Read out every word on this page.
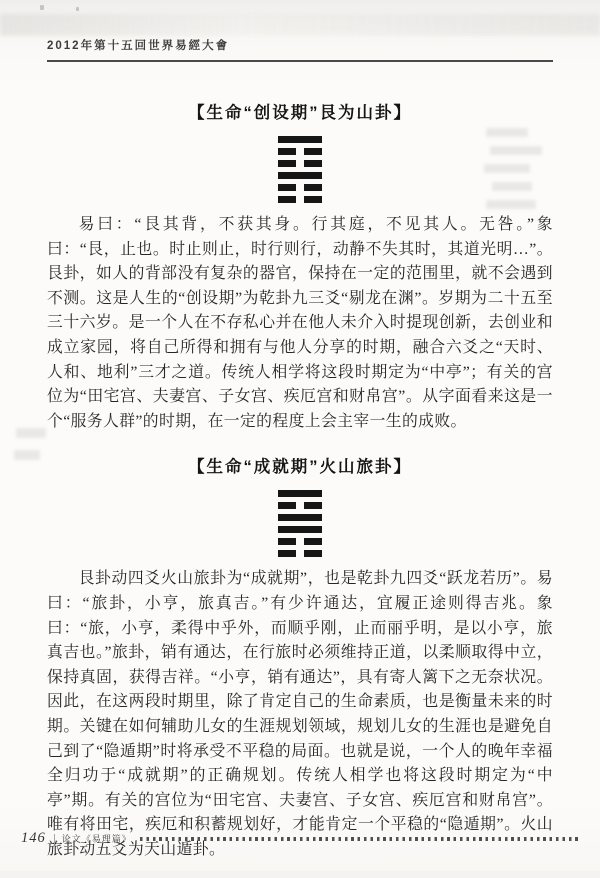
2012年第十五回世界易經大會
【生命“创设期”艮为山卦】

易曰：“艮其背，不获其身。行其庭，不见其人。无咎。”象曰：“艮，止也。时止则止，时行则行，动静不失其时，其道光明…”。艮卦，如人的背部没有复杂的器官，保持在一定的范围里，就不会遇到不测。这是人生的“创设期”为乾卦九三爻“剔龙在渊”。岁期为二十五至三十六岁。是一个人在不存私心并在他人未介入时提现创新，去创业和成立家园，将自己所得和拥有与他人分享的时期，融合六爻之“天时、人和、地利”三才之道。传统人相学将这段时期定为“中亭”；有关的宫位为“田宅宫、夫妻宫、子女宫、疾厄宫和财帛宫”。从字面看来这是一个“服务人群”的时期，在一定的程度上会主宰一生的成败。

【生命“成就期”火山旅卦】

艮卦动四爻火山旅卦为“成就期”，也是乾卦九四爻“跃龙若历”。易曰：“旅卦，小亨，旅真吉。”有少许通达，宜履正途则得吉兆。象曰：“旅，小亨，柔得中乎外，而顺乎刚，止而丽乎明，是以小亨，旅真吉也。”旅卦，销有通达，在行旅时必须维持正道，以柔顺取得中立，保持真固，获得吉祥。“小亨，销有通达”，具有寄人篱下之无奈状况。因此，在这两段时期里，除了肯定自己的生命素质，也是衡量未来的时期。关键在如何辅助儿女的生涯规划领域，规划儿女的生涯也是避免自己到了“隐遁期”时将承受不平稳的局面。也就是说，一个人的晚年幸福全归功于“成就期”的正确规划。传统人相学也将这段时期定为“中亭”期。有关的宫位为“田宅宫、夫妻宫、子女宫、疾厄宫和财帛宫”。唯有将田宅，疾厄和积蓄规划好，才能肯定一个平稳的“隐遁期”。火山旅卦动五爻为天山遁卦。

146 | 论文《易理篇》
